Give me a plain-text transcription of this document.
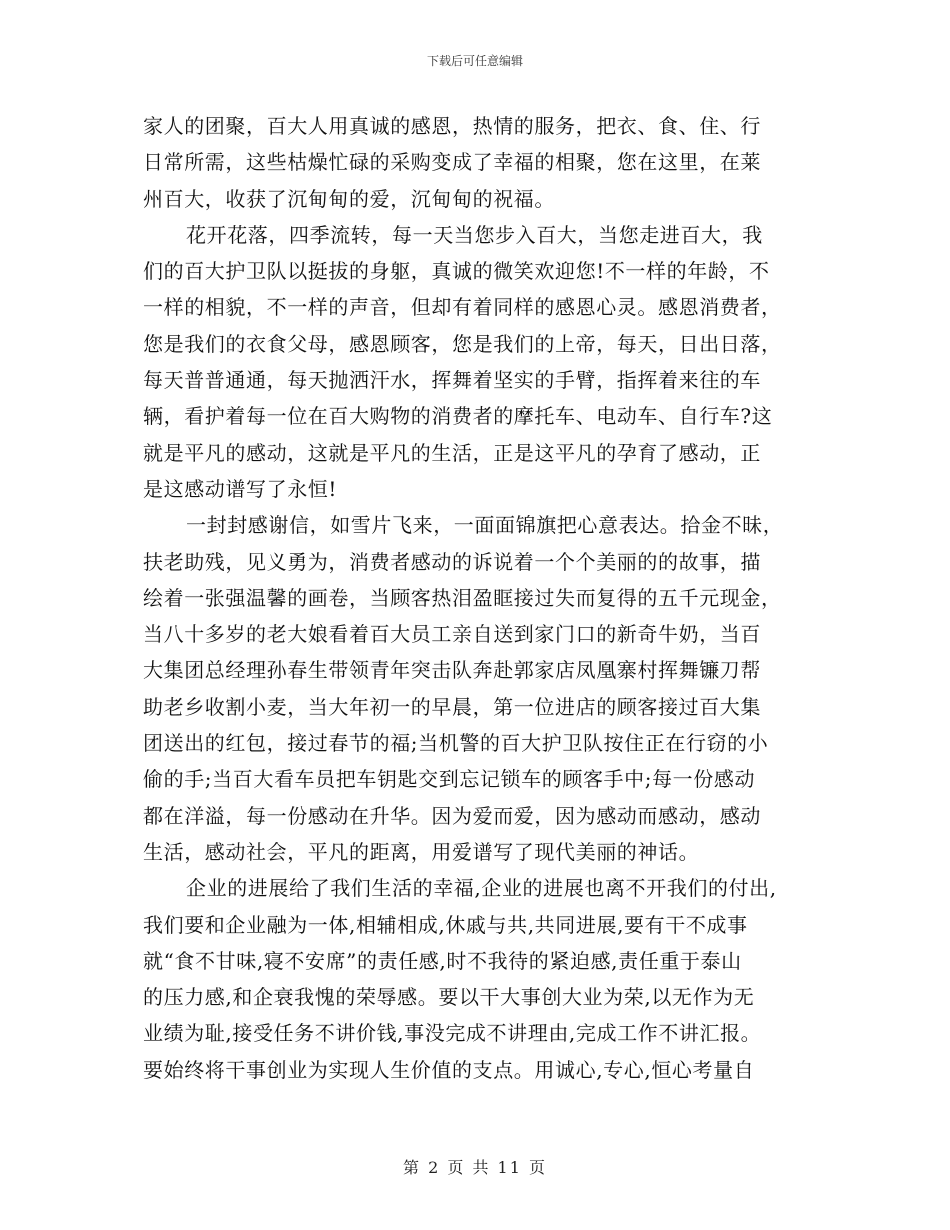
下载后可任意编辑
家人的团聚，百大人用真诚的感恩，热情的服务，把衣、食、住、行
日常所需，这些枯燥忙碌的采购变成了幸福的相聚，您在这里，在莱
州百大，收获了沉甸甸的爱，沉甸甸的祝福。
花开花落，四季流转，每一天当您步入百大，当您走进百大，我
们的百大护卫队以挺拔的身躯，真诚的微笑欢迎您!不一样的年龄，不
一样的相貌，不一样的声音，但却有着同样的感恩心灵。感恩消费者，
您是我们的衣食父母，感恩顾客，您是我们的上帝，每天，日出日落，
每天普普通通，每天抛洒汗水，挥舞着坚实的手臂，指挥着来往的车
辆，看护着每一位在百大购物的消费者的摩托车、电动车、自行车?这
就是平凡的感动，这就是平凡的生活，正是这平凡的孕育了感动，正
是这感动谱写了永恒!
一封封感谢信，如雪片飞来，一面面锦旗把心意表达。拾金不昧，
扶老助残，见义勇为，消费者感动的诉说着一个个美丽的的故事，描
绘着一张强温馨的画卷，当顾客热泪盈眶接过失而复得的五千元现金，
当八十多岁的老大娘看着百大员工亲自送到家门口的新奇牛奶，当百
大集团总经理孙春生带领青年突击队奔赴郭家店凤凰寨村挥舞镰刀帮
助老乡收割小麦，当大年初一的早晨，第一位进店的顾客接过百大集
团送出的红包，接过春节的福;当机警的百大护卫队按住正在行窃的小
偷的手;当百大看车员把车钥匙交到忘记锁车的顾客手中;每一份感动
都在洋溢，每一份感动在升华。因为爱而爱，因为感动而感动，感动
生活，感动社会，平凡的距离，用爱谱写了现代美丽的神话。
企业的进展给了我们生活的幸福,企业的进展也离不开我们的付出,
我们要和企业融为一体,相辅相成,休戚与共,共同进展,要有干不成事
就“食不甘味,寝不安席”的责任感,时不我待的紧迫感,责任重于泰山
的压力感,和企衰我愧的荣辱感。要以干大事创大业为荣,以无作为无
业绩为耻,接受任务不讲价钱,事没完成不讲理由,完成工作不讲汇报。
要始终将干事创业为实现人生价值的支点。用诚心,专心,恒心考量自
第 2 页 共 11 页
